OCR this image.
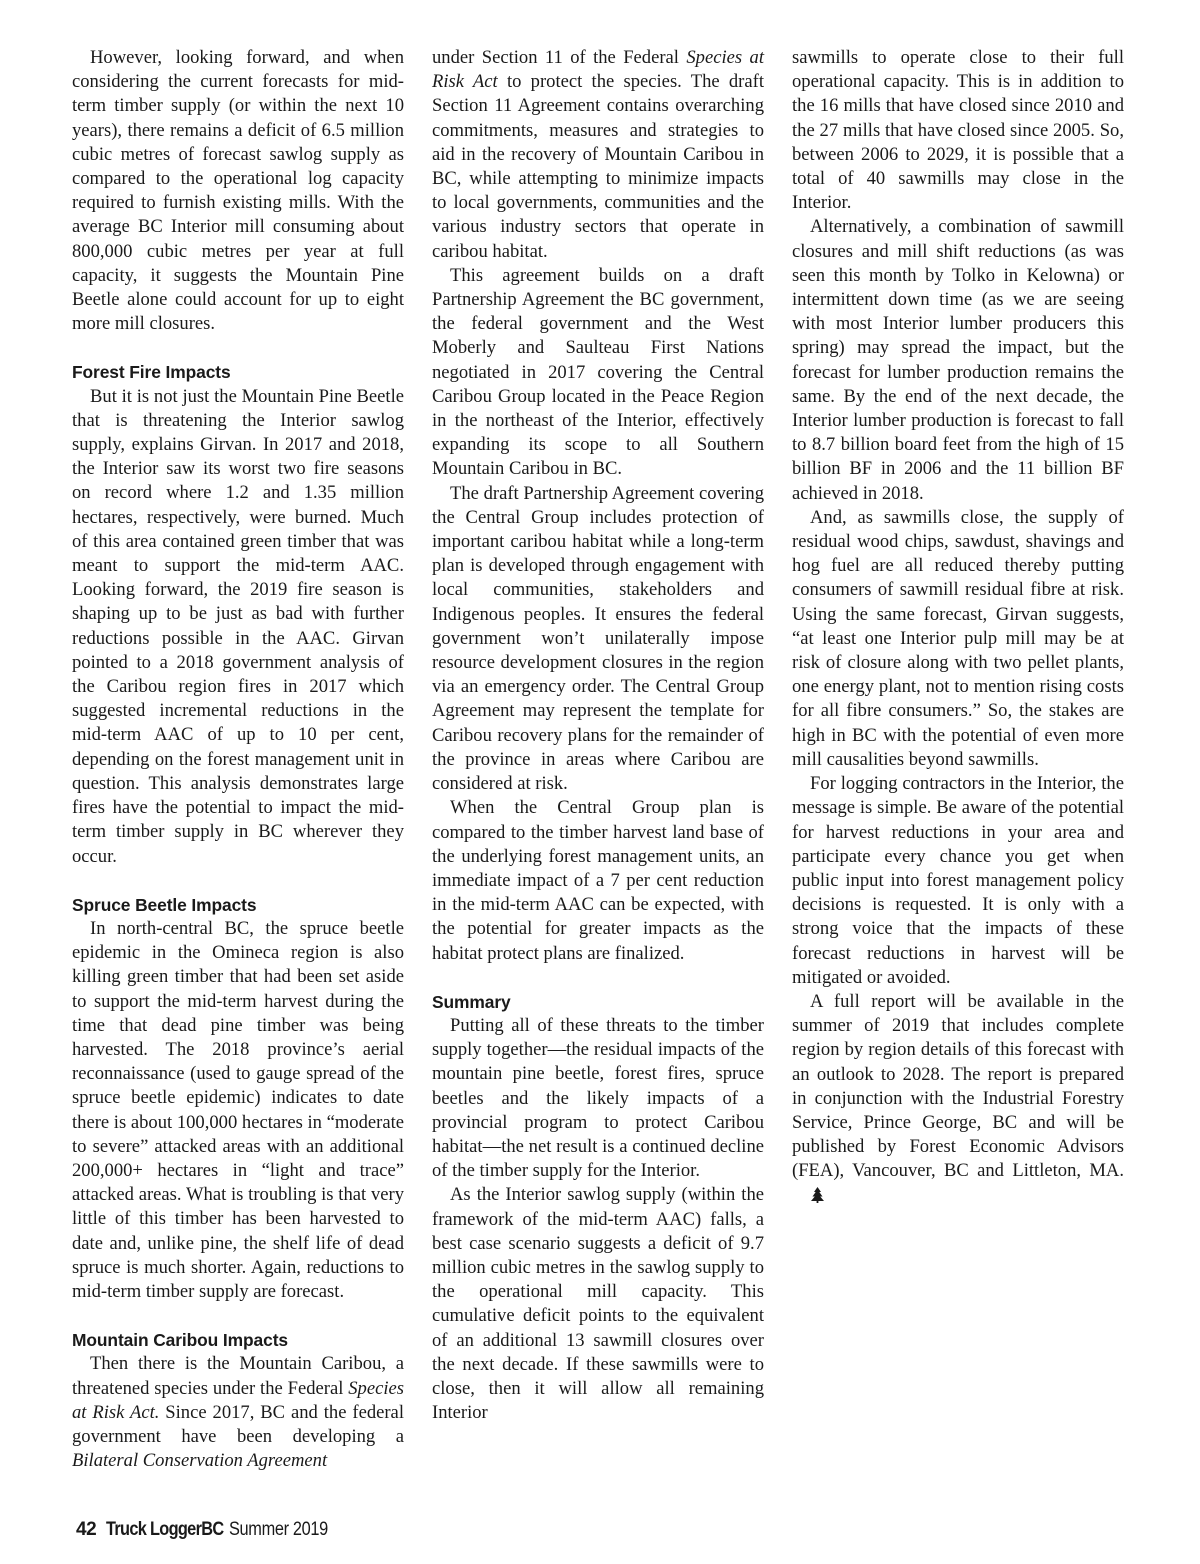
However, looking forward, and when considering the current forecasts for mid-term timber supply (or within the next 10 years), there remains a deficit of 6.5 million cubic metres of forecast sawlog supply as compared to the operational log capacity required to furnish existing mills. With the average BC Interior mill consuming about 800,000 cubic metres per year at full capacity, it suggests the Mountain Pine Beetle alone could account for up to eight more mill closures.

Forest Fire Impacts

But it is not just the Mountain Pine Beetle that is threatening the Interior sawlog supply, explains Girvan. In 2017 and 2018, the Interior saw its worst two fire seasons on record where 1.2 and 1.35 million hectares, respectively, were burned. Much of this area contained green timber that was meant to support the mid-term AAC. Looking forward, the 2019 fire season is shaping up to be just as bad with further reductions possible in the AAC. Girvan pointed to a 2018 government analysis of the Caribou region fires in 2017 which suggested incremental reductions in the mid-term AAC of up to 10 per cent, depending on the forest management unit in question. This analysis demonstrates large fires have the potential to impact the mid-term timber supply in BC wherever they occur.

Spruce Beetle Impacts

In north-central BC, the spruce beetle epidemic in the Omineca region is also killing green timber that had been set aside to support the mid-term harvest during the time that dead pine timber was being harvested. The 2018 province’s aerial reconnaissance (used to gauge spread of the spruce beetle epidemic) indicates to date there is about 100,000 hectares in “moderate to severe” attacked areas with an additional 200,000+ hectares in “light and trace” attacked areas. What is troubling is that very little of this timber has been harvested to date and, unlike pine, the shelf life of dead spruce is much shorter. Again, reductions to mid-term timber supply are forecast.

Mountain Caribou Impacts

Then there is the Mountain Caribou, a threatened species under the Federal Species at Risk Act. Since 2017, BC and the federal government have been developing a Bilateral Conservation Agreement

under Section 11 of the Federal Species at Risk Act to protect the species. The draft Section 11 Agreement contains overarching commitments, measures and strategies to aid in the recovery of Mountain Caribou in BC, while attempting to minimize impacts to local governments, communities and the various industry sectors that operate in caribou habitat.

This agreement builds on a draft Partnership Agreement the BC government, the federal government and the West Moberly and Saulteau First Nations negotiated in 2017 covering the Central Caribou Group located in the Peace Region in the northeast of the Interior, effectively expanding its scope to all Southern Mountain Caribou in BC.

The draft Partnership Agreement covering the Central Group includes protection of important caribou habitat while a long-term plan is developed through engagement with local communities, stakeholders and Indigenous peoples. It ensures the federal government won’t unilaterally impose resource development closures in the region via an emergency order. The Central Group Agreement may represent the template for Caribou recovery plans for the remainder of the province in areas where Caribou are considered at risk.

When the Central Group plan is compared to the timber harvest land base of the underlying forest management units, an immediate impact of a 7 per cent reduction in the mid-term AAC can be expected, with the potential for greater impacts as the habitat protect plans are finalized.

Summary

Putting all of these threats to the timber supply together—the residual impacts of the mountain pine beetle, forest fires, spruce beetles and the likely impacts of a provincial program to protect Caribou habitat—the net result is a continued decline of the timber supply for the Interior.

As the Interior sawlog supply (within the framework of the mid-term AAC) falls, a best case scenario suggests a deficit of 9.7 million cubic metres in the sawlog supply to the operational mill capacity. This cumulative deficit points to the equivalent of an additional 13 sawmill closures over the next decade. If these sawmills were to close, then it will allow all remaining Interior

sawmills to operate close to their full operational capacity. This is in addition to the 16 mills that have closed since 2010 and the 27 mills that have closed since 2005. So, between 2006 to 2029, it is possible that a total of 40 sawmills may close in the Interior.

Alternatively, a combination of sawmill closures and mill shift reductions (as was seen this month by Tolko in Kelowna) or intermittent down time (as we are seeing with most Interior lumber producers this spring) may spread the impact, but the forecast for lumber production remains the same. By the end of the next decade, the Interior lumber production is forecast to fall to 8.7 billion board feet from the high of 15 billion BF in 2006 and the 11 billion BF achieved in 2018.

And, as sawmills close, the supply of residual wood chips, sawdust, shavings and hog fuel are all reduced thereby putting consumers of sawmill residual fibre at risk. Using the same forecast, Girvan suggests, “at least one Interior pulp mill may be at risk of closure along with two pellet plants, one energy plant, not to mention rising costs for all fibre consumers.” So, the stakes are high in BC with the potential of even more mill causalities beyond sawmills.

For logging contractors in the Interior, the message is simple. Be aware of the potential for harvest reductions in your area and participate every chance you get when public input into forest management policy decisions is requested. It is only with a strong voice that the impacts of these forecast reductions in harvest will be mitigated or avoided.

A full report will be available in the summer of 2019 that includes complete region by region details of this forecast with an outlook to 2028. The report is prepared in conjunction with the Industrial Forestry Service, Prince George, BC and will be published by Forest Economic Advisors (FEA), Vancouver, BC and Littleton, MA.

42 Truck LoggerBC Summer 2019
